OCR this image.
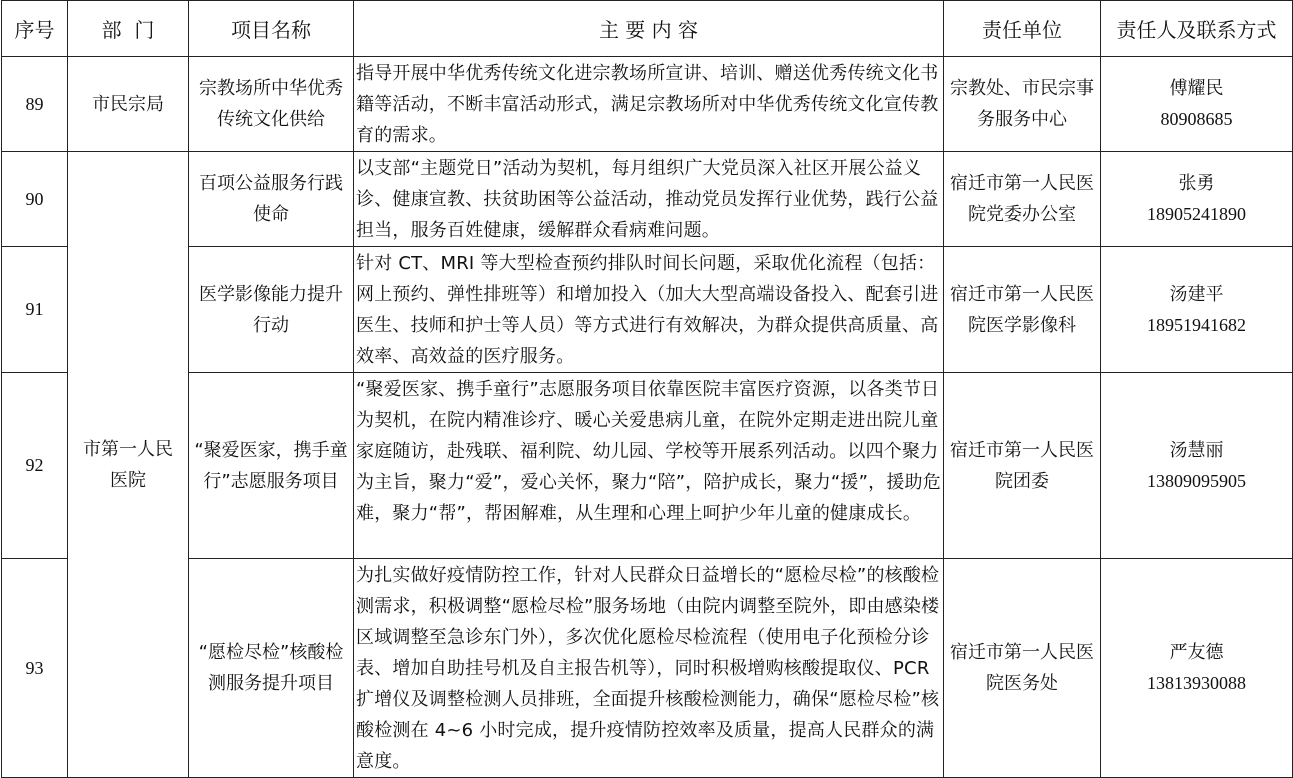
序号	部  门	项目名称	主 要 内 容	责任单位	责任人及联系方式
89	市民宗局	宗教场所中华优秀传统文化供给	指导开展中华优秀传统文化进宗教场所宣讲、培训、赠送优秀传统文化书籍等活动，不断丰富活动形式，满足宗教场所对中华优秀传统文化宣传教育的需求。	宗教处、市民宗事务服务中心	傅耀民
80908685

90	市第一人民医院	百项公益服务行践使命	以支部“主题党日”活动为契机，每月组织广大党员深入社区开展公益义诊、健康宣教、扶贫助困等公益活动，推动党员发挥行业优势，践行公益担当，服务百姓健康，缓解群众看病难问题。	宿迁市第一人民医院党委办公室	张勇
18905241890

91		医学影像能力提升行动	针对 CT、MRI 等大型检查预约排队时间长问题，采取优化流程（包括：网上预约、弹性排班等）和增加投入（加大大型高端设备投入、配套引进医生、技师和护士等人员）等方式进行有效解决，为群众提供高质量、高效率、高效益的医疗服务。	宿迁市第一人民医院医学影像科	汤建平
18951941682

92		“聚爱医家，携手童行”志愿服务项目	“聚爱医家、携手童行”志愿服务项目依靠医院丰富医疗资源，以各类节日为契机，在院内精准诊疗、暖心关爱患病儿童，在院外定期走进出院儿童家庭随访，赴残联、福利院、幼儿园、学校等开展系列活动。以四个聚力为主旨，聚力“爱”，爱心关怀，聚力“陪”，陪护成长，聚力“援”，援助危难，聚力“帮”，帮困解难，从生理和心理上呵护少年儿童的健康成长。	宿迁市第一人民医院团委	汤慧丽
13809095905

93		“愿检尽检”核酸检测服务提升项目	为扎实做好疫情防控工作，针对人民群众日益增长的“愿检尽检”的核酸检测需求，积极调整“愿检尽检”服务场地（由院内调整至院外，即由感染楼区域调整至急诊东门外），多次优化愿检尽检流程（使用电子化预检分诊表、增加自助挂号机及自主报告机等），同时积极增购核酸提取仪、PCR 扩增仪及调整检测人员排班，全面提升核酸检测能力，确保“愿检尽检”核酸检测在 4~6 小时完成，提升疫情防控效率及质量，提高人民群众的满意度。	宿迁市第一人民医院医务处	严友德
13813930088
